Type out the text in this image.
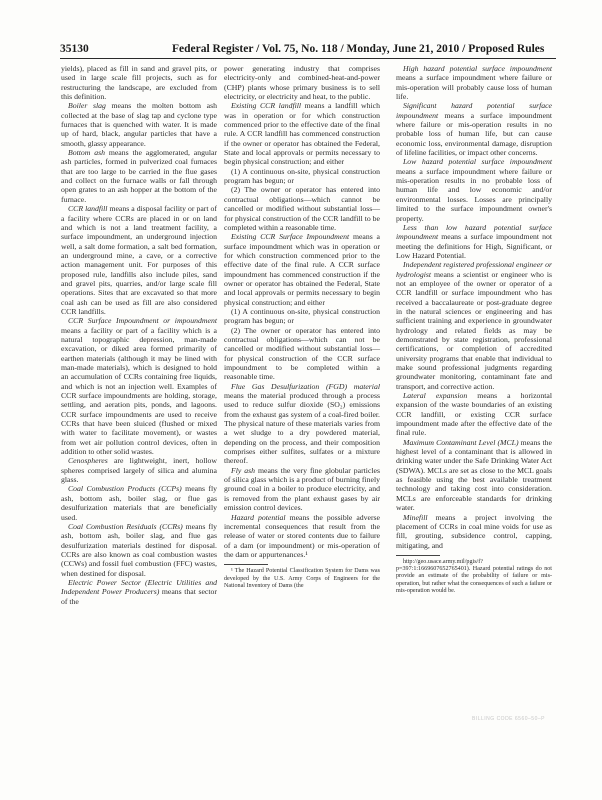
35130	Federal Register / Vol. 75, No. 118 / Monday, June 21, 2010 / Proposed Rules

yields), placed as fill in sand and gravel pits, or used in large scale fill projects, such as for restructuring the landscape, are excluded from this definition.

Boiler slag means the molten bottom ash collected at the base of slag tap and cyclone type furnaces that is quenched with water. It is made up of hard, black, angular particles that have a smooth, glassy appearance.

Bottom ash means the agglomerated, angular ash particles, formed in pulverized coal furnaces that are too large to be carried in the flue gases and collect on the furnace walls or fall through open grates to an ash hopper at the bottom of the furnace.

CCR landfill means a disposal facility or part of a facility where CCRs are placed in or on land and which is not a land treatment facility, a surface impoundment, an underground injection well, a salt dome formation, a salt bed formation, an underground mine, a cave, or a corrective action management unit. For purposes of this proposed rule, landfills also include piles, sand and gravel pits, quarries, and/or large scale fill operations. Sites that are excavated so that more coal ash can be used as fill are also considered CCR landfills.

CCR Surface Impoundment or impoundment means a facility or part of a facility which is a natural topographic depression, man-made excavation, or diked area formed primarily of earthen materials (although it may be lined with man-made materials), which is designed to hold an accumulation of CCRs containing free liquids, and which is not an injection well. Examples of CCR surface impoundments are holding, storage, settling, and aeration pits, ponds, and lagoons. CCR surface impoundments are used to receive CCRs that have been sluiced (flushed or mixed with water to facilitate movement), or wastes from wet air pollution control devices, often in addition to other solid wastes.

Cenospheres are lightweight, inert, hollow spheres comprised largely of silica and alumina glass.

Coal Combustion Products (CCPs) means fly ash, bottom ash, boiler slag, or flue gas desulfurization materials that are beneficially used.

Coal Combustion Residuals (CCRs) means fly ash, bottom ash, boiler slag, and flue gas desulfurization materials destined for disposal. CCRs are also known as coal combustion wastes (CCWs) and fossil fuel combustion (FFC) wastes, when destined for disposal.

Electric Power Sector (Electric Utilities and Independent Power Producers) means that sector of the

power generating industry that comprises electricity-only and combined-heat-and-power (CHP) plants whose primary business is to sell electricity, or electricity and heat, to the public.

Existing CCR landfill means a landfill which was in operation or for which construction commenced prior to the effective date of the final rule. A CCR landfill has commenced construction if the owner or operator has obtained the Federal, State and local approvals or permits necessary to begin physical construction; and either

(1) A continuous on-site, physical construction program has begun; or

(2) The owner or operator has entered into contractual obligations—which cannot be cancelled or modified without substantial loss—for physical construction of the CCR landfill to be completed within a reasonable time.

Existing CCR Surface Impoundment means a surface impoundment which was in operation or for which construction commenced prior to the effective date of the final rule. A CCR surface impoundment has commenced construction if the owner or operator has obtained the Federal, State and local approvals or permits necessary to begin physical construction; and either

(1) A continuous on-site, physical construction program has begun; or

(2) The owner or operator has entered into contractual obligations—which can not be cancelled or modified without substantial loss—for physical construction of the CCR surface impoundment to be completed within a reasonable time.

Flue Gas Desulfurization (FGD) material means the material produced through a process used to reduce sulfur dioxide (SO₂) emissions from the exhaust gas system of a coal-fired boiler. The physical nature of these materials varies from a wet sludge to a dry powdered material, depending on the process, and their composition comprises either sulfites, sulfates or a mixture thereof.

Fly ash means the very fine globular particles of silica glass which is a product of burning finely ground coal in a boiler to produce electricity, and is removed from the plant exhaust gases by air emission control devices.

Hazard potential means the possible adverse incremental consequences that result from the release of water or stored contents due to failure of a dam (or impoundment) or mis-operation of the dam or appurtenances.¹

¹ The Hazard Potential Classification System for Dams was developed by the U.S. Army Corps of Engineers for the National Inventory of Dams (the

High hazard potential surface impoundment means a surface impoundment where failure or mis-operation will probably cause loss of human life.

Significant hazard potential surface impoundment means a surface impoundment where failure or mis-operation results in no probable loss of human life, but can cause economic loss, environmental damage, disruption of lifeline facilities, or impact other concerns.

Low hazard potential surface impoundment means a surface impoundment where failure or mis-operation results in no probable loss of human life and low economic and/or environmental losses. Losses are principally limited to the surface impoundment owner's property.

Less than low hazard potential surface impoundment means a surface impoundment not meeting the definitions for High, Significant, or Low Hazard Potential.

Independent registered professional engineer or hydrologist means a scientist or engineer who is not an employee of the owner or operator of a CCR landfill or surface impoundment who has received a baccalaureate or post-graduate degree in the natural sciences or engineering and has sufficient training and experience in groundwater hydrology and related fields as may be demonstrated by state registration, professional certifications, or completion of accredited university programs that enable that individual to make sound professional judgments regarding groundwater monitoring, contaminant fate and transport, and corrective action.

Lateral expansion means a horizontal expansion of the waste boundaries of an existing CCR landfill, or existing CCR surface impoundment made after the effective date of the final rule.

Maximum Contaminant Level (MCL) means the highest level of a contaminant that is allowed in drinking water under the Safe Drinking Water Act (SDWA). MCLs are set as close to the MCL goals as feasible using the best available treatment technology and taking cost into consideration. MCLs are enforceable standards for drinking water.

Minefill means a project involving the placement of CCRs in coal mine voids for use as fill, grouting, subsidence control, capping, mitigating, and

http://geo.usace.army.mil/pgis/f?p=397:1:1669607652765401). Hazard potential ratings do not provide an estimate of the probability of failure or mis-operation, but rather what the consequences of such a failure or mis-operation would be.

BILLING CODE 6560–50–P
